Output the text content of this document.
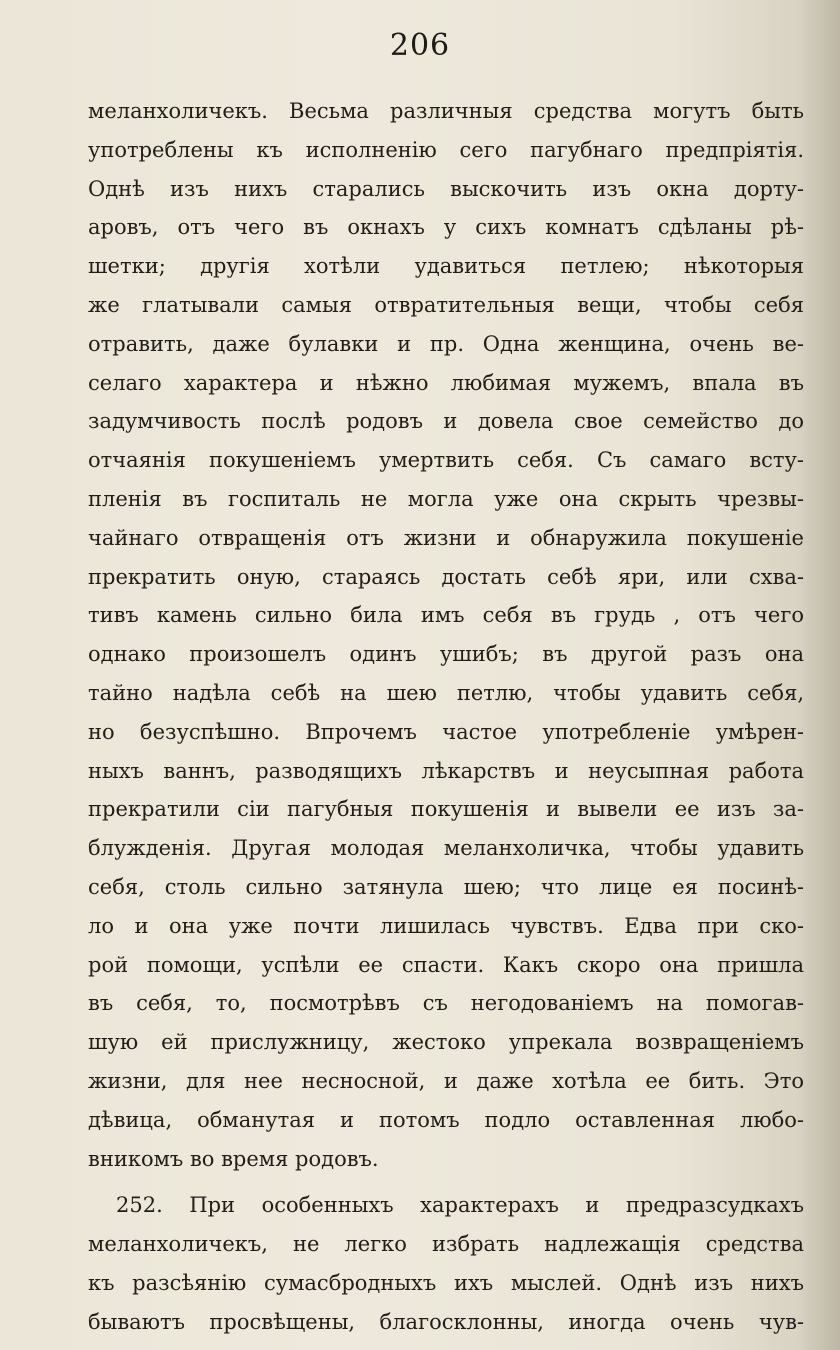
206
меланхоличекъ. Весьма различныя средства могутъ быть
употреблены къ исполненію сего пагубнаго предпріятія.
Однѣ изъ нихъ старались выскочить изъ окна дорту-
аровъ, отъ чего въ окнахъ у сихъ комнатъ сдѣланы рѣ-
шетки; другія хотѣли удавиться петлею; нѣкоторыя
же глатывали самыя отвратительныя вещи, чтобы себя
отравить, даже булавки и пр. Одна женщина, очень ве-
селаго характера и нѣжно любимая мужемъ, впала въ
задумчивость послѣ родовъ и довела свое семейство до
отчаянія покушеніемъ умертвить себя. Съ самаго всту-
пленія въ госпиталь не могла уже она скрыть чрезвы-
чайнаго отвращенія отъ жизни и обнаружила покушеніе
прекратить оную, стараясь достать себѣ яри, или схва-
тивъ камень сильно била имъ себя въ грудь , отъ чего
однако произошелъ одинъ ушибъ; въ другой разъ она
тайно надѣла себѣ на шею петлю, чтобы удавить себя,
но безуспѣшно. Впрочемъ частое употребленіе умѣрен-
ныхъ ваннъ, разводящихъ лѣкарствъ и неусыпная работа
прекратили сіи пагубныя покушенія и вывели ее изъ за-
блужденія. Другая молодая меланхоличка, чтобы удавить
себя, столь сильно затянула шею; что лице ея посинѣ-
ло и она уже почти лишилась чувствъ. Едва при ско-
рой помощи, успѣли ее спасти. Какъ скоро она пришла
въ себя, то, посмотрѣвъ съ негодованіемъ на помогав-
шую ей прислужницу, жестоко упрекала возвращеніемъ
жизни, для нее несносной, и даже хотѣла ее бить. Это
дѣвица, обманутая и потомъ подло оставленная любо-
вникомъ во время родовъ.
252. При особенныхъ характерахъ и предразсудкахъ
меланхоличекъ, не легко избрать надлежащія средства
къ разсѣянію сумасбродныхъ ихъ мыслей. Однѣ изъ нихъ
бываютъ просвѣщены, благосклонны, иногда очень чув-
